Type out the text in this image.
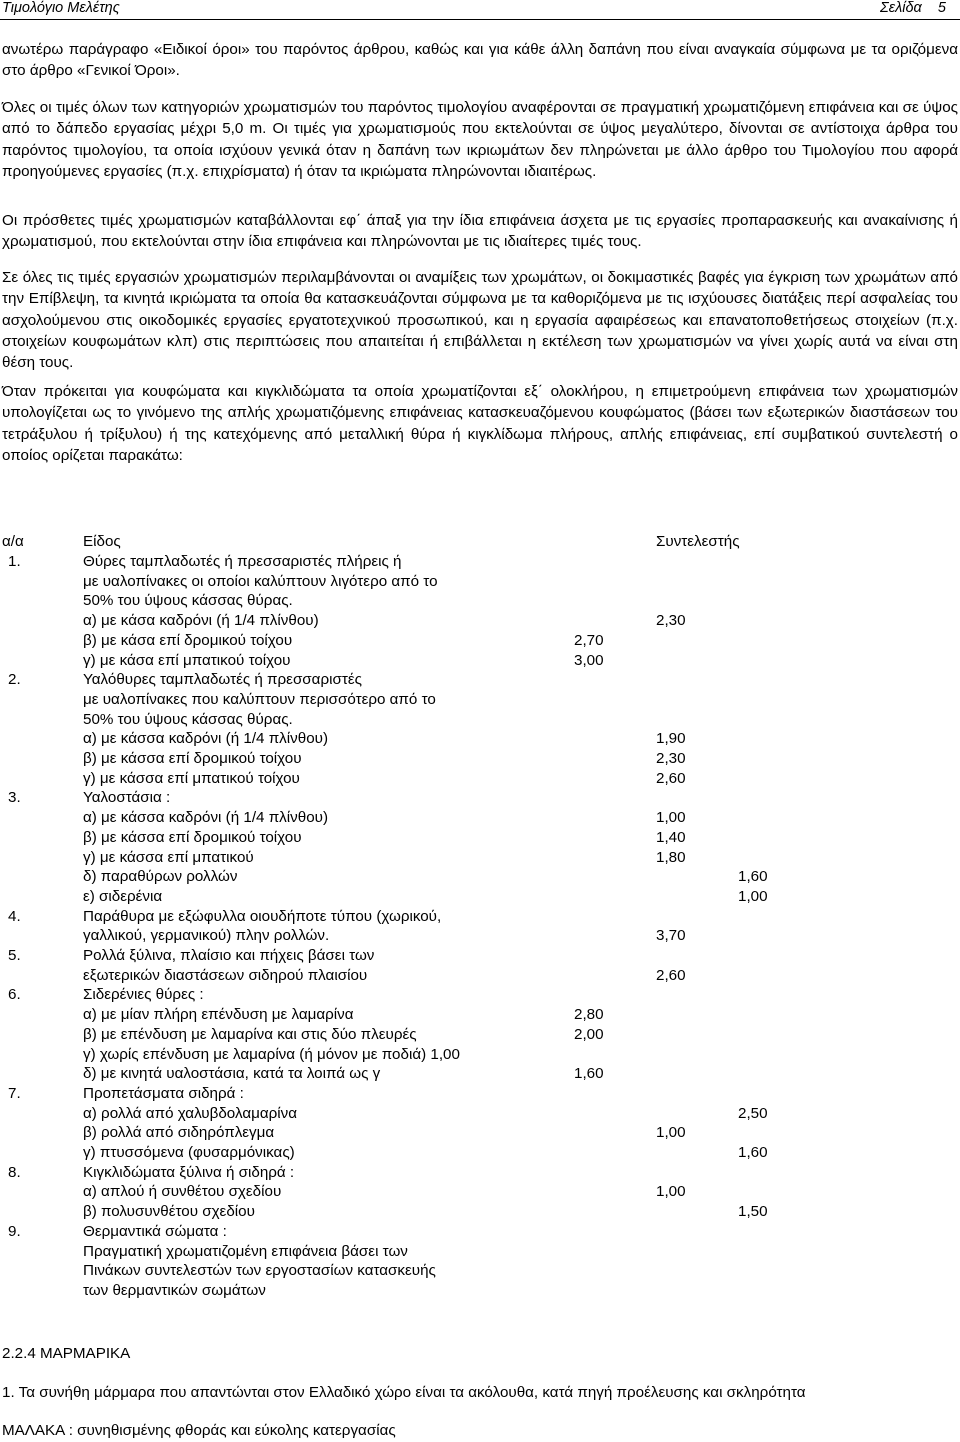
Τιμολόγιο Μελέτης	Σελίδα 5

ανωτέρω παράγραφο «Ειδικοί όροι» του παρόντος άρθρου, καθώς και για κάθε άλλη δαπάνη που είναι αναγκαία σύμφωνα με τα οριζόμενα στο άρθρο «Γενικοί Όροι».

Όλες οι τιμές όλων των κατηγοριών χρωματισμών του παρόντος τιμολογίου αναφέρονται σε πραγματική χρωματιζόμενη επιφάνεια και σε ύψος από το δάπεδο εργασίας μέχρι 5,0 m. Οι τιμές για χρωματισμούς που εκτελούνται σε ύψος μεγαλύτερο, δίνονται σε αντίστοιχα άρθρα του παρόντος τιμολογίου, τα οποία ισχύουν γενικά όταν η δαπάνη των ικριωμάτων δεν πληρώνεται με άλλο άρθρο του Τιμολογίου που αφορά προηγούμενες εργασίες (π.χ. επιχρίσματα) ή όταν τα ικριώματα πληρώνονται ιδιαιτέρως.

Οι πρόσθετες τιμές χρωματισμών καταβάλλονται εφ΄ άπαξ για την ίδια επιφάνεια άσχετα με τις εργασίες προπαρασκευής και ανακαίνισης ή χρωματισμού, που εκτελούνται στην ίδια επιφάνεια και πληρώνονται με τις ιδιαίτερες τιμές τους.

Σε όλες τις τιμές εργασιών χρωματισμών περιλαμβάνονται οι αναμίξεις των χρωμάτων, οι δοκιμαστικές βαφές για έγκριση των χρωμάτων από την Επίβλεψη, τα κινητά ικριώματα τα οποία θα κατασκευάζονται σύμφωνα με τα καθοριζόμενα με τις ισχύουσες διατάξεις περί ασφαλείας του ασχολούμενου στις οικοδομικές εργασίες εργατοτεχνικού προσωπικού, και η εργασία αφαιρέσεως και επανατοποθετήσεως στοιχείων (π.χ. στοιχείων κουφωμάτων κλπ) στις περιπτώσεις που απαιτείται ή επιβάλλεται η εκτέλεση των χρωματισμών να γίνει χωρίς αυτά να είναι στη θέση τους.

Όταν πρόκειται για κουφώματα και κιγκλιδώματα τα οποία χρωματίζονται εξ΄ ολοκλήρου, η επιμετρούμενη επιφάνεια των χρωματισμών υπολογίζεται ως το γινόμενο της απλής χρωματιζόμενης επιφάνειας κατασκευαζόμενου κουφώματος (βάσει των εξωτερικών διαστάσεων του τετράξυλου ή τρίξυλου) ή της κατεχόμενης από μεταλλική θύρα ή κιγκλίδωμα πλήρους, απλής επιφάνειας, επί συμβατικού συντελεστή ο οποίος ορίζεται παρακάτω:

α/α	Είδος	Συντελεστής
1.	Θύρες ταμπλαδωτές ή πρεσσαριστές πλήρεις ή
με υαλοπίνακες οι οποίοι καλύπτουν λιγότερο από το
50% του ύψους κάσσας θύρας.
α) με κάσα καδρόνι (ή 1/4 πλίνθου)	2,30
β) με κάσα επί δρομικού τοίχου	2,70
γ) με κάσα επί μπατικού τοίχου	3,00
2.	Υαλόθυρες ταμπλαδωτές ή πρεσσαριστές
με υαλοπίνακες που καλύπτουν περισσότερο από το
50% του ύψους κάσσας θύρας.
α) με κάσσα καδρόνι (ή 1/4 πλίνθου)	1,90
β) με κάσσα επί δρομικού τοίχου	2,30
γ) με κάσσα επί μπατικού τοίχου	2,60
3.	Υαλοστάσια :
α) με κάσσα καδρόνι (ή 1/4 πλίνθου)	1,00
β) με κάσσα επί δρομικού τοίχου	1,40
γ) με κάσσα επί μπατικού	1,80
δ) παραθύρων ρολλών	1,60
ε) σιδερένια	1,00
4.	Παράθυρα με εξώφυλλα οιουδήποτε τύπου (χωρικού,
γαλλικού, γερμανικού) πλην ρολλών.	3,70
5.	Ρολλά ξύλινα, πλαίσιο και πήχεις βάσει των
εξωτερικών διαστάσεων σιδηρού πλαισίου	2,60
6.	Σιδερένιες θύρες :
α) με μίαν πλήρη επένδυση με λαμαρίνα	2,80
β) με επένδυση με λαμαρίνα και στις δύο πλευρές	2,00
γ) χωρίς επένδυση με λαμαρίνα (ή μόνον με ποδιά) 1,00
δ) με κινητά υαλοστάσια, κατά τα λοιπά ως γ	1,60
7.	Προπετάσματα σιδηρά :
α) ρολλά από χαλυβδολαμαρίνα	2,50
β) ρολλά από σιδηρόπλεγμα	1,00
γ) πτυσσόμενα (φυσαρμόνικας)	1,60
8.	Κιγκλιδώματα ξύλινα ή σιδηρά :
α) απλού ή συνθέτου σχεδίου	1,00
β) πολυσυνθέτου σχεδίου	1,50
9.	Θερμαντικά σώματα :
Πραγματική χρωματιζομένη επιφάνεια βάσει των
Πινάκων συντελεστών των εργοστασίων κατασκευής
των θερμαντικών σωμάτων
2.2.4 ΜΑΡΜΑΡΙΚΑ
1. Τα συνήθη μάρμαρα που απαντώνται στον Ελλαδικό χώρο είναι τα ακόλουθα, κατά πηγή προέλευσης και σκληρότητα
ΜΑΛΑΚΑ : συνηθισμένης φθοράς και εύκολης κατεργασίας
